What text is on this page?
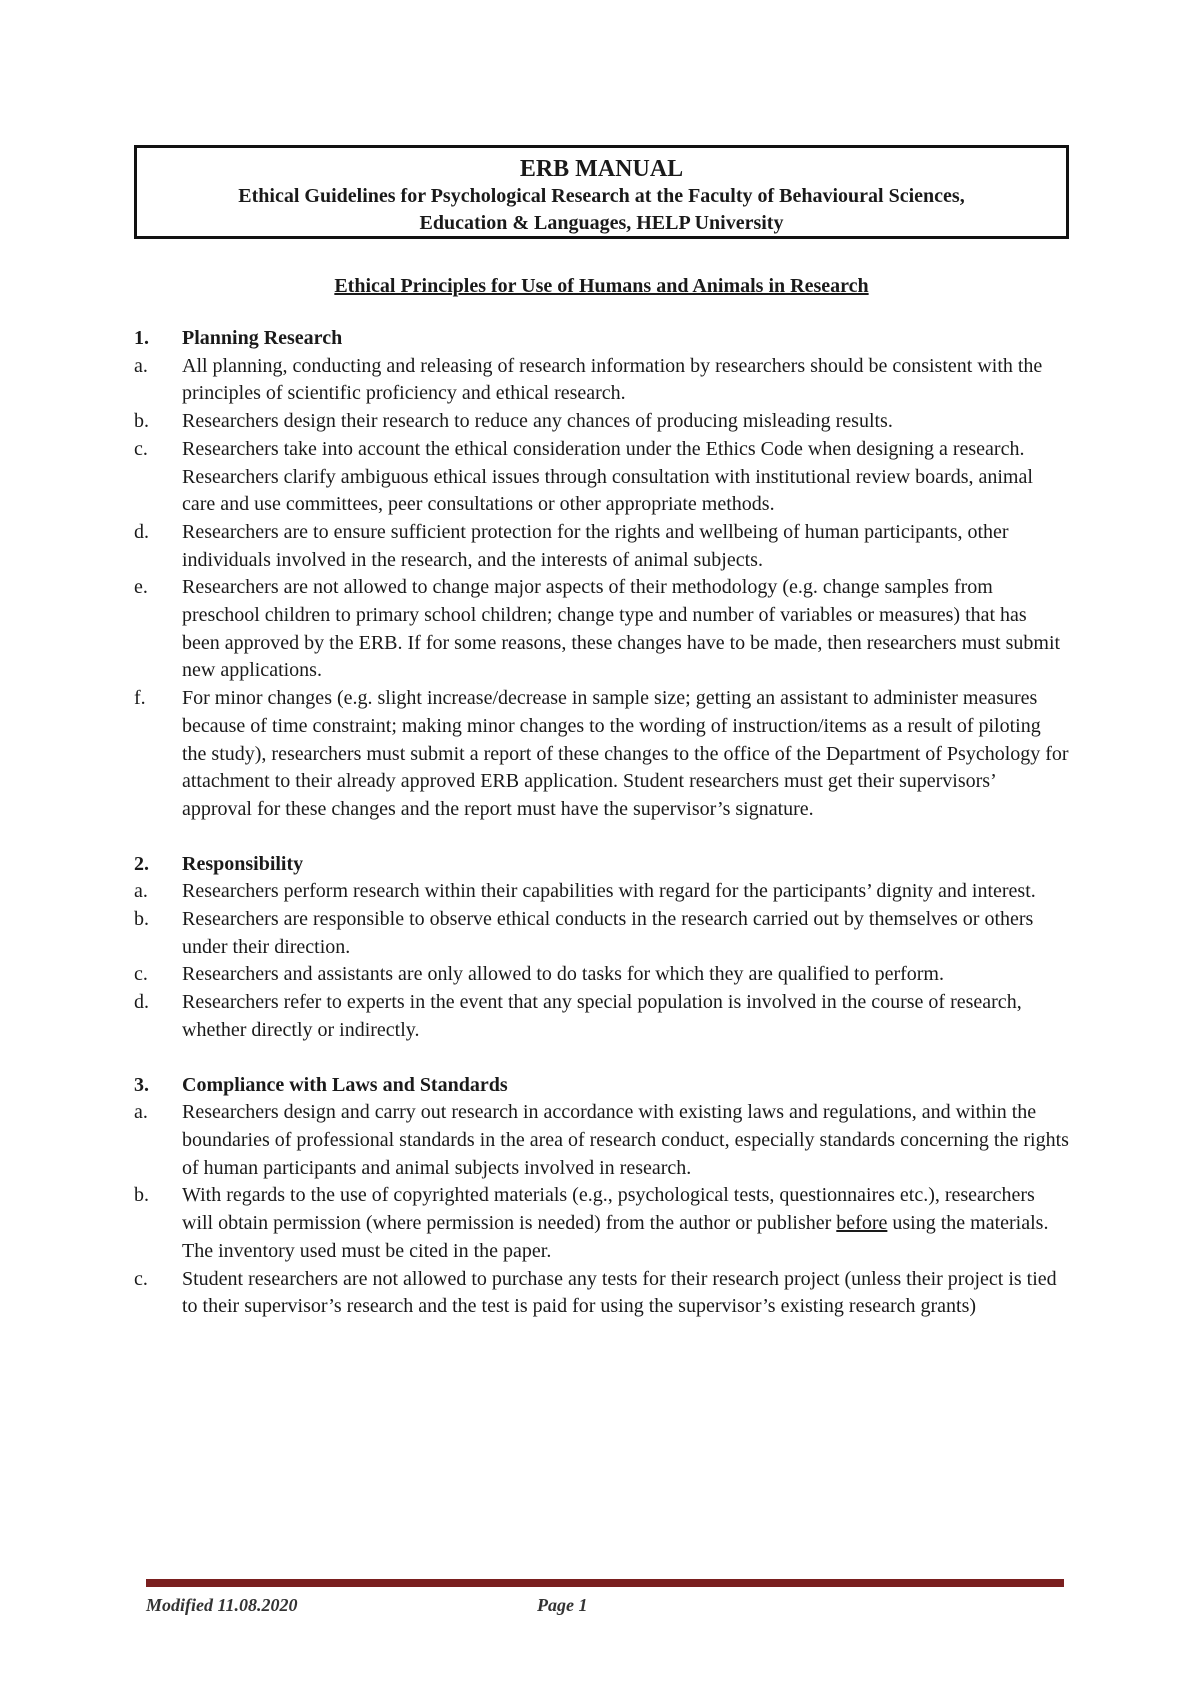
ERB MANUAL
Ethical Guidelines for Psychological Research at the Faculty of Behavioural Sciences,
Education & Languages, HELP University
Ethical Principles for Use of Humans and Animals in Research
1.	Planning Research
a.	All planning, conducting and releasing of research information by researchers should be consistent with the principles of scientific proficiency and ethical research.
b.	Researchers design their research to reduce any chances of producing misleading results.
c.	Researchers take into account the ethical consideration under the Ethics Code when designing a research. Researchers clarify ambiguous ethical issues through consultation with institutional review boards, animal care and use committees, peer consultations or other appropriate methods.
d.	Researchers are to ensure sufficient protection for the rights and wellbeing of human participants, other individuals involved in the research, and the interests of animal subjects.
e.	Researchers are not allowed to change major aspects of their methodology (e.g. change samples from preschool children to primary school children; change type and number of variables or measures) that has been approved by the ERB. If for some reasons, these changes have to be made, then researchers must submit new applications.
f.	For minor changes (e.g. slight increase/decrease in sample size; getting an assistant to administer measures because of time constraint; making minor changes to the wording of instruction/items as a result of piloting the study), researchers must submit a report of these changes to the office of the Department of Psychology for attachment to their already approved ERB application. Student researchers must get their supervisors’ approval for these changes and the report must have the supervisor’s signature.
2.	Responsibility
a.	Researchers perform research within their capabilities with regard for the participants’ dignity and interest.
b.	Researchers are responsible to observe ethical conducts in the research carried out by themselves or others under their direction.
c.	Researchers and assistants are only allowed to do tasks for which they are qualified to perform.
d.	Researchers refer to experts in the event that any special population is involved in the course of research, whether directly or indirectly.
3.	Compliance with Laws and Standards
a.	Researchers design and carry out research in accordance with existing laws and regulations, and within the boundaries of professional standards in the area of research conduct, especially standards concerning the rights of human participants and animal subjects involved in research.
b.	With regards to the use of copyrighted materials (e.g., psychological tests, questionnaires etc.), researchers will obtain permission (where permission is needed) from the author or publisher before using the materials. The inventory used must be cited in the paper.
c.	Student researchers are not allowed to purchase any tests for their research project (unless their project is tied to their supervisor’s research and the test is paid for using the supervisor’s existing research grants)
Modified 11.08.2020	Page 1
